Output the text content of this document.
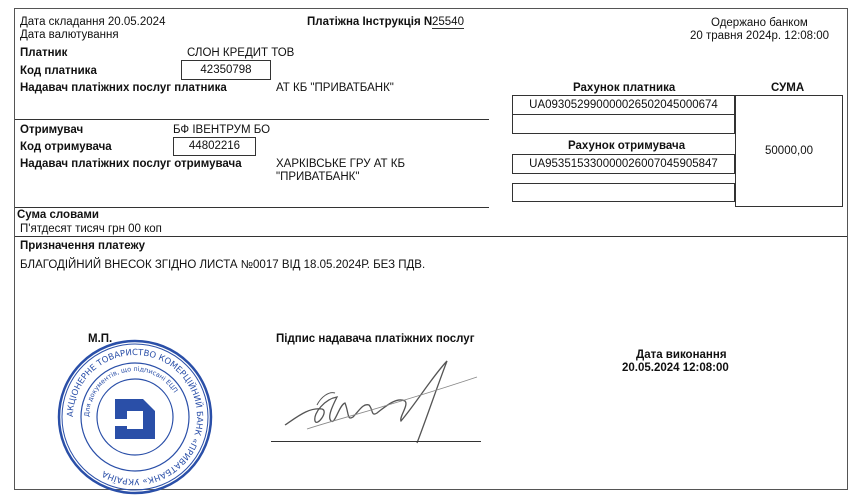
Дата складання 20.05.2024
Дата валютування
Платіжна Інструкція N 25540	Одержано банком
20 травня 2024р. 12:08:00
Платник	СЛОН КРЕДИТ ТОВ
Код платника	42350798
Надавач платіжних послуг платника	АТ КБ "ПРИВАТБАНК"	Рахунок платника	СУМА
UA093052990000026502045000674
50000,00
Отримувач	БФ ІВЕНТРУМ БО
Код отримувача	44802216
Надавач платіжних послуг отримувача	ХАРКІВСЬКЕ ГРУ АТ КБ
"ПРИВАТБАНК"
Рахунок отримувача
UA953515330000026007045905847
Сума словами
П'ятдесят тисяч грн 00 коп
Призначення платежу
БЛАГОДІЙНИЙ ВНЕСОК ЗГІДНО ЛИСТА №0017 ВІД 18.05.2024Р. БЕЗ ПДВ.
М.П.	Підпис надавача платіжних послуг
Дата виконання
20.05.2024 12:08:00
АКЦІОНЕРНЕ ТОВАРИСТВО КОМЕРЦІЙНИЙ БАНК «ПРИВАТБАНК» УКРАЇНА
Для документів, що підписані ЕЦП
